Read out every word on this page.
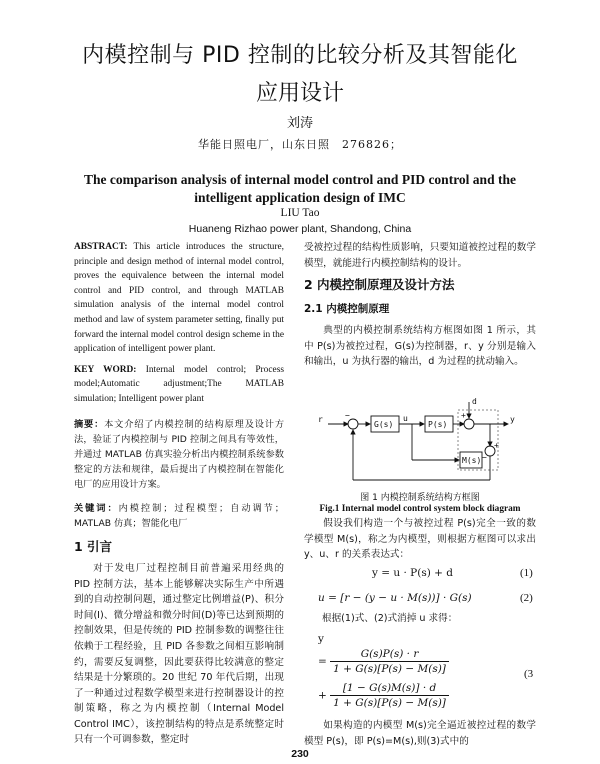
内模控制与 PID 控制的比较分析及其智能化
应用设计
刘涛
华能日照电厂，山东日照　276826；
The comparison analysis of internal model control and PID control and the
intelligent application design of IMC
LIU Tao
Huaneng Rizhao power plant, Shandong, China

ABSTRACT: This article introduces the structure, principle and design method of internal model control, proves the equivalence between the internal model control and PID control, and through MATLAB simulation analysis of the internal model control method and law of system parameter setting, finally put forward the internal model control design scheme in the application of intelligent power plant.

KEY WORD: Internal model control; Process model;Automatic adjustment;The MATLAB simulation; Intelligent power plant

摘要：本文介绍了内模控制的结构原理及设计方法，验证了内模控制与 PID 控制之间具有等效性，并通过 MATLAB 仿真实验分析出内模控制系统参数整定的方法和规律，最后提出了内模控制在智能化电厂的应用设计方案。

关键词：内模控制；过程模型；自动调节；MATLAB 仿真；智能化电厂

1 引言

对于发电厂过程控制目前普遍采用经典的 PID 控制方法，基本上能够解决实际生产中所遇到的自动控制问题，通过整定比例增益(P)、积分时间(I)、微分增益和微分时间(D)等已达到预期的控制效果，但是传统的 PID 控制参数的调整往往依赖于工程经验，且 PID 各参数之间相互影响制约，需要反复调整，因此要获得比较满意的整定结果是十分繁琐的。20 世纪 70 年代后期，出现了一种通过过程数学模型来进行控制器设计的控制策略，称之为内模控制（Internal Model Control IMC），该控制结构的特点是系统整定时只有一个可调参数，整定时

受被控过程的结构性质影响，只要知道被控过程的数学模型，就能进行内模控制结构的设计。

2 内模控制原理及设计方法

2.1 内模控制原理

典型的内模控制系统结构方框图如图 1 所示，其中 P(s)为被控过程，G(s)为控制器，r、y 分别是输入和输出，u 为执行器的输出，d 为过程的扰动输入。

r	−
G(s)
u
P(s)
d
+	y
M(s)
+
−
图 1 内模控制系统结构方框图
Fig.1 Internal model control system block diagram

假设我们构造一个与被控过程 P(s)完全一致的数学模型 M(s)，称之为内模型，则根据方框图可以求出 y、u、r 的关系表达式：

y = u · P(s) + d	(1)
u = [r − (y − u · M(s))] · G(s)	(2)
根据(1)式、(2)式消掉 u 求得：
y
= $\frac{G(s)P(s) \cdot r}{1 + G(s)[P(s) - M(s)]}$
+ $\frac{[1 - G(s)M(s)] \cdot d}{1 + G(s)[P(s) - M(s)]}$
(3

如果构造的内模型 M(s)完全逼近被控过程的数学模型 P(s)，即 P(s)=M(s),则(3)式中的

230
